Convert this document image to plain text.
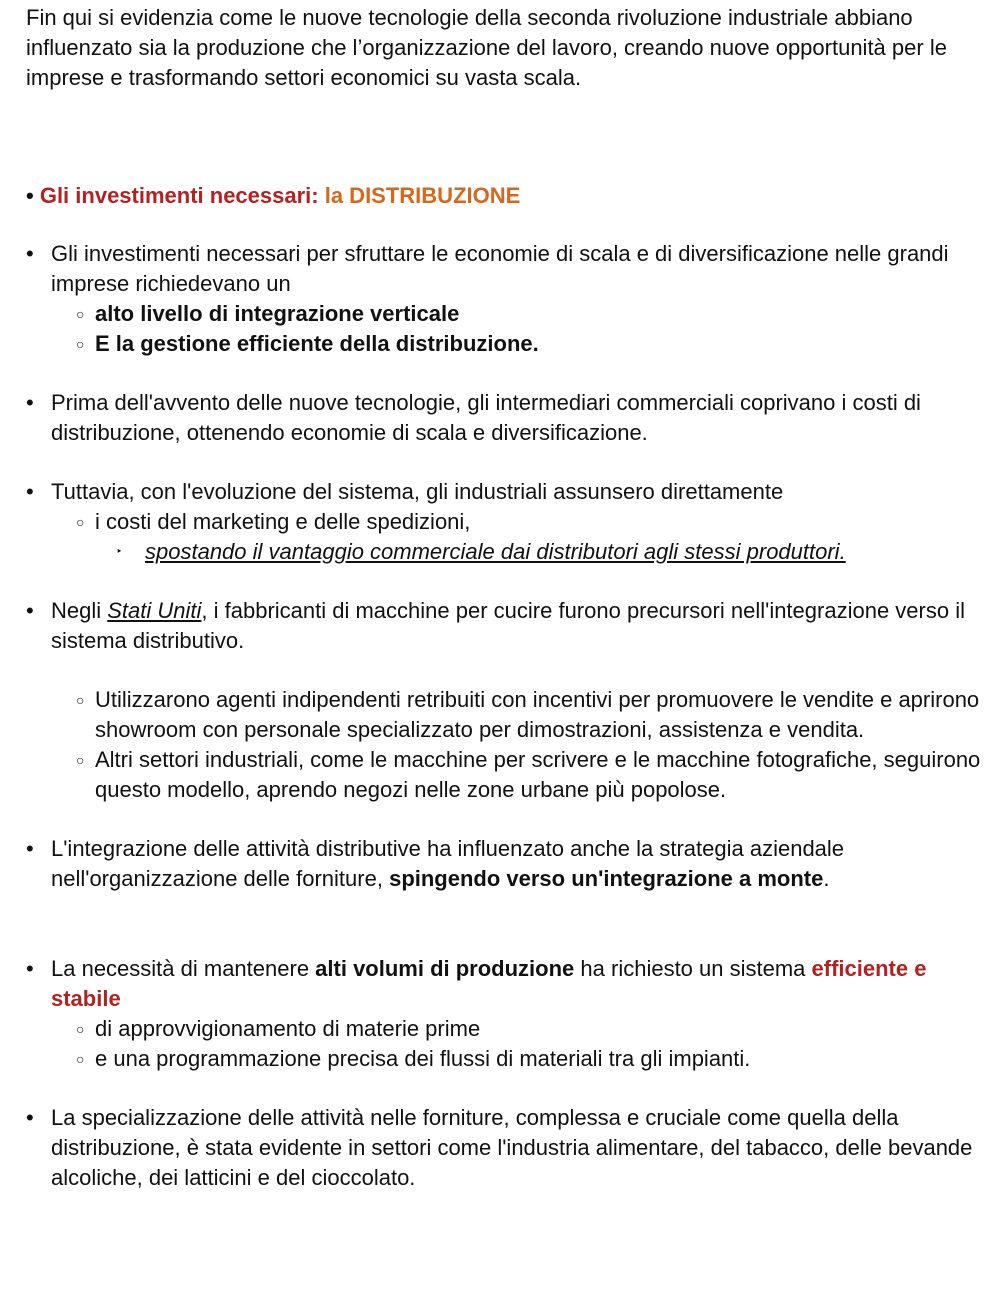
Fin qui si evidenzia come le nuove tecnologie della seconda rivoluzione industriale abbiano influenzato sia la produzione che l’organizzazione del lavoro, creando nuove opportunità per le imprese e trasformando settori economici su vasta scala.

• Gli investimenti necessari: la DISTRIBUZIONE

• Gli investimenti necessari per sfruttare le economie di scala e di diversificazione nelle grandi imprese richiedevano un
○ alto livello di integrazione verticale
○ E la gestione efficiente della distribuzione.
• Prima dell'avvento delle nuove tecnologie, gli intermediari commerciali coprivano i costi di distribuzione, ottenendo economie di scala e diversificazione.
• Tuttavia, con l'evoluzione del sistema, gli industriali assunsero direttamente
○ i costi del marketing e delle spedizioni,
‣ spostando il vantaggio commerciale dai distributori agli stessi produttori.
• Negli Stati Uniti, i fabbricanti di macchine per cucire furono precursori nell'integrazione verso il sistema distributivo.
○ Utilizzarono agenti indipendenti retribuiti con incentivi per promuovere le vendite e aprirono showroom con personale specializzato per dimostrazioni, assistenza e vendita.
○ Altri settori industriali, come le macchine per scrivere e le macchine fotografiche, seguirono questo modello, aprendo negozi nelle zone urbane più popolose.
• L'integrazione delle attività distributive ha influenzato anche la strategia aziendale nell'organizzazione delle forniture, spingendo verso un'integrazione a monte.
• La necessità di mantenere alti volumi di produzione ha richiesto un sistema efficiente e stabile
○ di approvvigionamento di materie prime
○ e una programmazione precisa dei flussi di materiali tra gli impianti.
• La specializzazione delle attività nelle forniture, complessa e cruciale come quella della distribuzione, è stata evidente in settori come l'industria alimentare, del tabacco, delle bevande alcoliche, dei latticini e del cioccolato.
